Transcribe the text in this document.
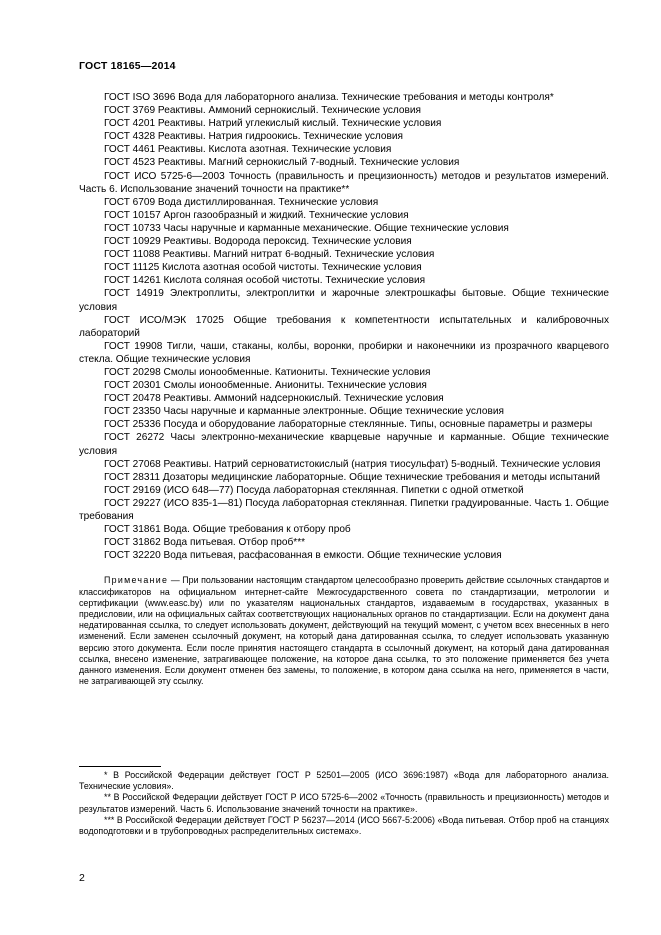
ГОСТ 18165—2014

ГОСТ ISO 3696 Вода для лабораторного анализа. Технические требования и методы контроля*

ГОСТ 3769 Реактивы. Аммоний сернокислый. Технические условия

ГОСТ 4201 Реактивы. Натрий углекислый кислый. Технические условия

ГОСТ 4328 Реактивы. Натрия гидроокись. Технические условия

ГОСТ 4461 Реактивы. Кислота азотная. Технические условия

ГОСТ 4523 Реактивы. Магний сернокислый 7-водный. Технические условия

ГОСТ ИСО 5725-6—2003 Точность (правильность и прецизионность) методов и результатов измерений. Часть 6. Использование значений точности на практике**

ГОСТ 6709 Вода дистиллированная. Технические условия

ГОСТ 10157 Аргон газообразный и жидкий. Технические условия

ГОСТ 10733 Часы наручные и карманные механические. Общие технические условия

ГОСТ 10929 Реактивы. Водорода пероксид. Технические условия

ГОСТ 11088 Реактивы. Магний нитрат 6-водный. Технические условия

ГОСТ 11125 Кислота азотная особой чистоты. Технические условия

ГОСТ 14261 Кислота соляная особой чистоты. Технические условия

ГОСТ 14919 Электроплиты, электроплитки и жарочные электрошкафы бытовые. Общие технические условия

ГОСТ ИСО/МЭК 17025 Общие требования к компетентности испытательных и калибровочных лабораторий

ГОСТ 19908 Тигли, чаши, стаканы, колбы, воронки, пробирки и наконечники из прозрачного кварцевого стекла. Общие технические условия

ГОСТ 20298 Смолы ионообменные. Катиониты. Технические условия

ГОСТ 20301 Смолы ионообменные. Аниониты. Технические условия

ГОСТ 20478 Реактивы. Аммоний надсернокислый. Технические условия

ГОСТ 23350 Часы наручные и карманные электронные. Общие технические условия

ГОСТ 25336 Посуда и оборудование лабораторные стеклянные. Типы, основные параметры и размеры

ГОСТ 26272 Часы электронно-механические кварцевые наручные и карманные. Общие технические условия

ГОСТ 27068 Реактивы. Натрий серноватистокислый (натрия тиосульфат) 5-водный. Технические условия

ГОСТ 28311 Дозаторы медицинские лабораторные. Общие технические требования и методы испытаний

ГОСТ 29169 (ИСО 648—77) Посуда лабораторная стеклянная. Пипетки с одной отметкой

ГОСТ 29227 (ИСО 835-1—81) Посуда лабораторная стеклянная. Пипетки градуированные. Часть 1. Общие требования

ГОСТ 31861 Вода. Общие требования к отбору проб

ГОСТ 31862 Вода питьевая. Отбор проб***

ГОСТ 32220 Вода питьевая, расфасованная в емкости. Общие технические условия

Примечание — При пользовании настоящим стандартом целесообразно проверить действие ссылочных стандартов и классификаторов на официальном интернет-сайте Межгосударственного совета по стандартизации, метрологии и сертификации (www.easc.by) или по указателям национальных стандартов, издаваемым в государствах, указанных в предисловии, или на официальных сайтах соответствующих национальных органов по стандартизации. Если на документ дана недатированная ссылка, то следует использовать документ, действующий на текущий момент, с учетом всех внесенных в него изменений. Если заменен ссылочный документ, на который дана датированная ссылка, то следует использовать указанную версию этого документа. Если после принятия настоящего стандарта в ссылочный документ, на который дана датированная ссылка, внесено изменение, затрагивающее положение, на которое дана ссылка, то это положение применяется без учета данного изменения. Если документ отменен без замены, то положение, в котором дана ссылка на него, применяется в части, не затрагивающей эту ссылку.

* В Российской Федерации действует ГОСТ Р 52501—2005 (ИСО 3696:1987) «Вода для лабораторного анализа. Технические условия».

** В Российской Федерации действует ГОСТ Р ИСО 5725-6—2002 «Точность (правильность и прецизионность) методов и результатов измерений. Часть 6. Использование значений точности на практике».

*** В Российской Федерации действует ГОСТ Р 56237—2014 (ИСО 5667-5:2006) «Вода питьевая. Отбор проб на станциях водоподготовки и в трубопроводных распределительных системах».

2
